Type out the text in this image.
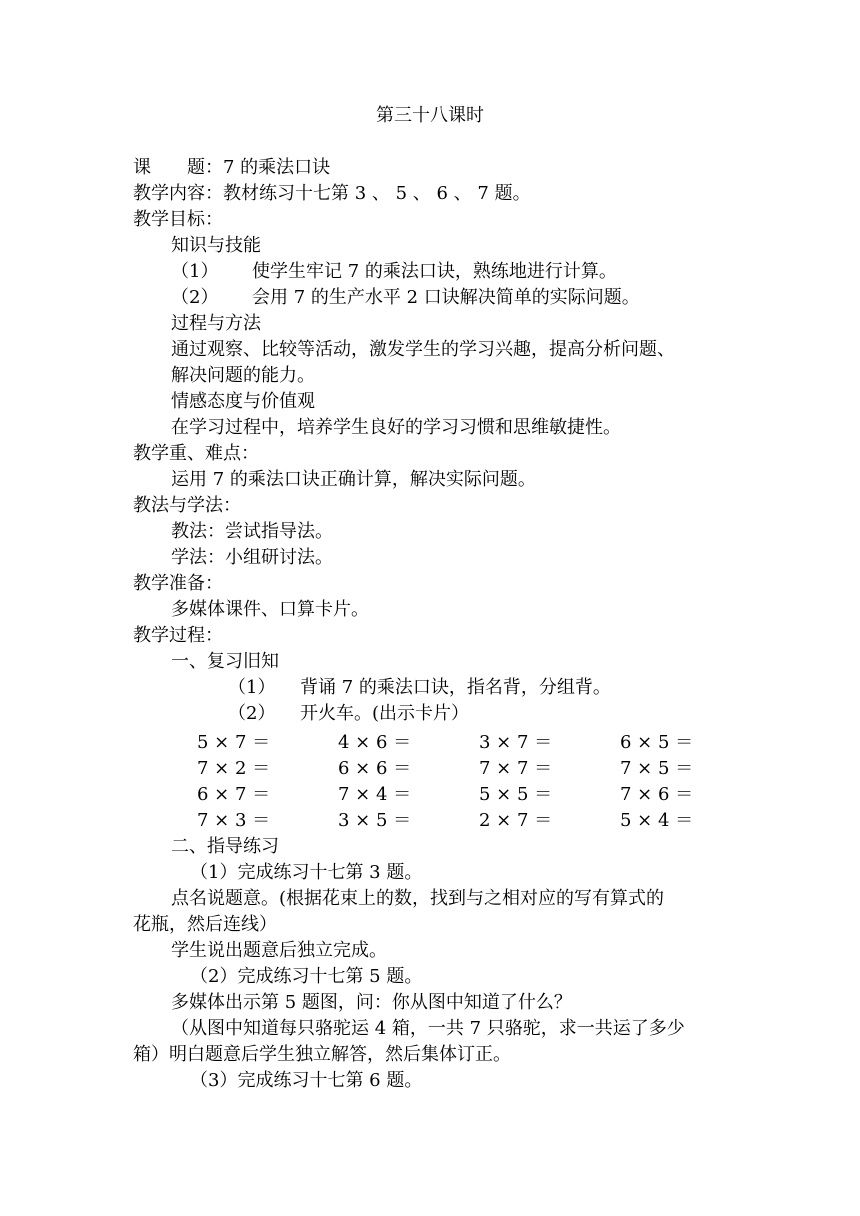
第三十八课时
课　　题：7 的乘法口诀
教学内容：教材练习十七第 3 、 5 、 6 、 7 题。
教学目标：
知识与技能
（1） 使学生牢记 7 的乘法口诀，熟练地进行计算。
（2） 会用 7 的生产水平 2 口诀解决简单的实际问题。
过程与方法
通过观察、比较等活动，激发学生的学习兴趣，提高分析问题、
解决问题的能力。
情感态度与价值观
在学习过程中，培养学生良好的学习习惯和思维敏捷性。
教学重、难点：
运用 7 的乘法口诀正确计算，解决实际问题。
教法与学法：
教法：尝试指导法。
学法：小组研讨法。
教学准备：
多媒体课件、口算卡片。
教学过程：
一、复习旧知
（1） 背诵 7 的乘法口诀，指名背，分组背。
（2） 开火车。(出示卡片）
5 × 7 ＝	4 × 6 ＝	3 × 7 ＝	6 × 5 ＝
7 × 2 ＝	6 × 6 ＝	7 × 7 ＝	7 × 5 ＝
6 × 7 ＝	7 × 4 ＝	5 × 5 ＝	7 × 6 ＝
7 × 3 ＝	3 × 5 ＝	2 × 7 ＝	5 × 4 ＝
二、指导练习
（1）完成练习十七第 3 题。
点名说题意。(根据花束上的数，找到与之相对应的写有算式的
花瓶，然后连线）
学生说出题意后独立完成。
（2）完成练习十七第 5 题。
多媒体出示第 5 题图，问：你从图中知道了什么？
（从图中知道每只骆驼运 4 箱，一共 7 只骆驼，求一共运了多少
箱）明白题意后学生独立解答，然后集体订正。
（3）完成练习十七第 6 题。
